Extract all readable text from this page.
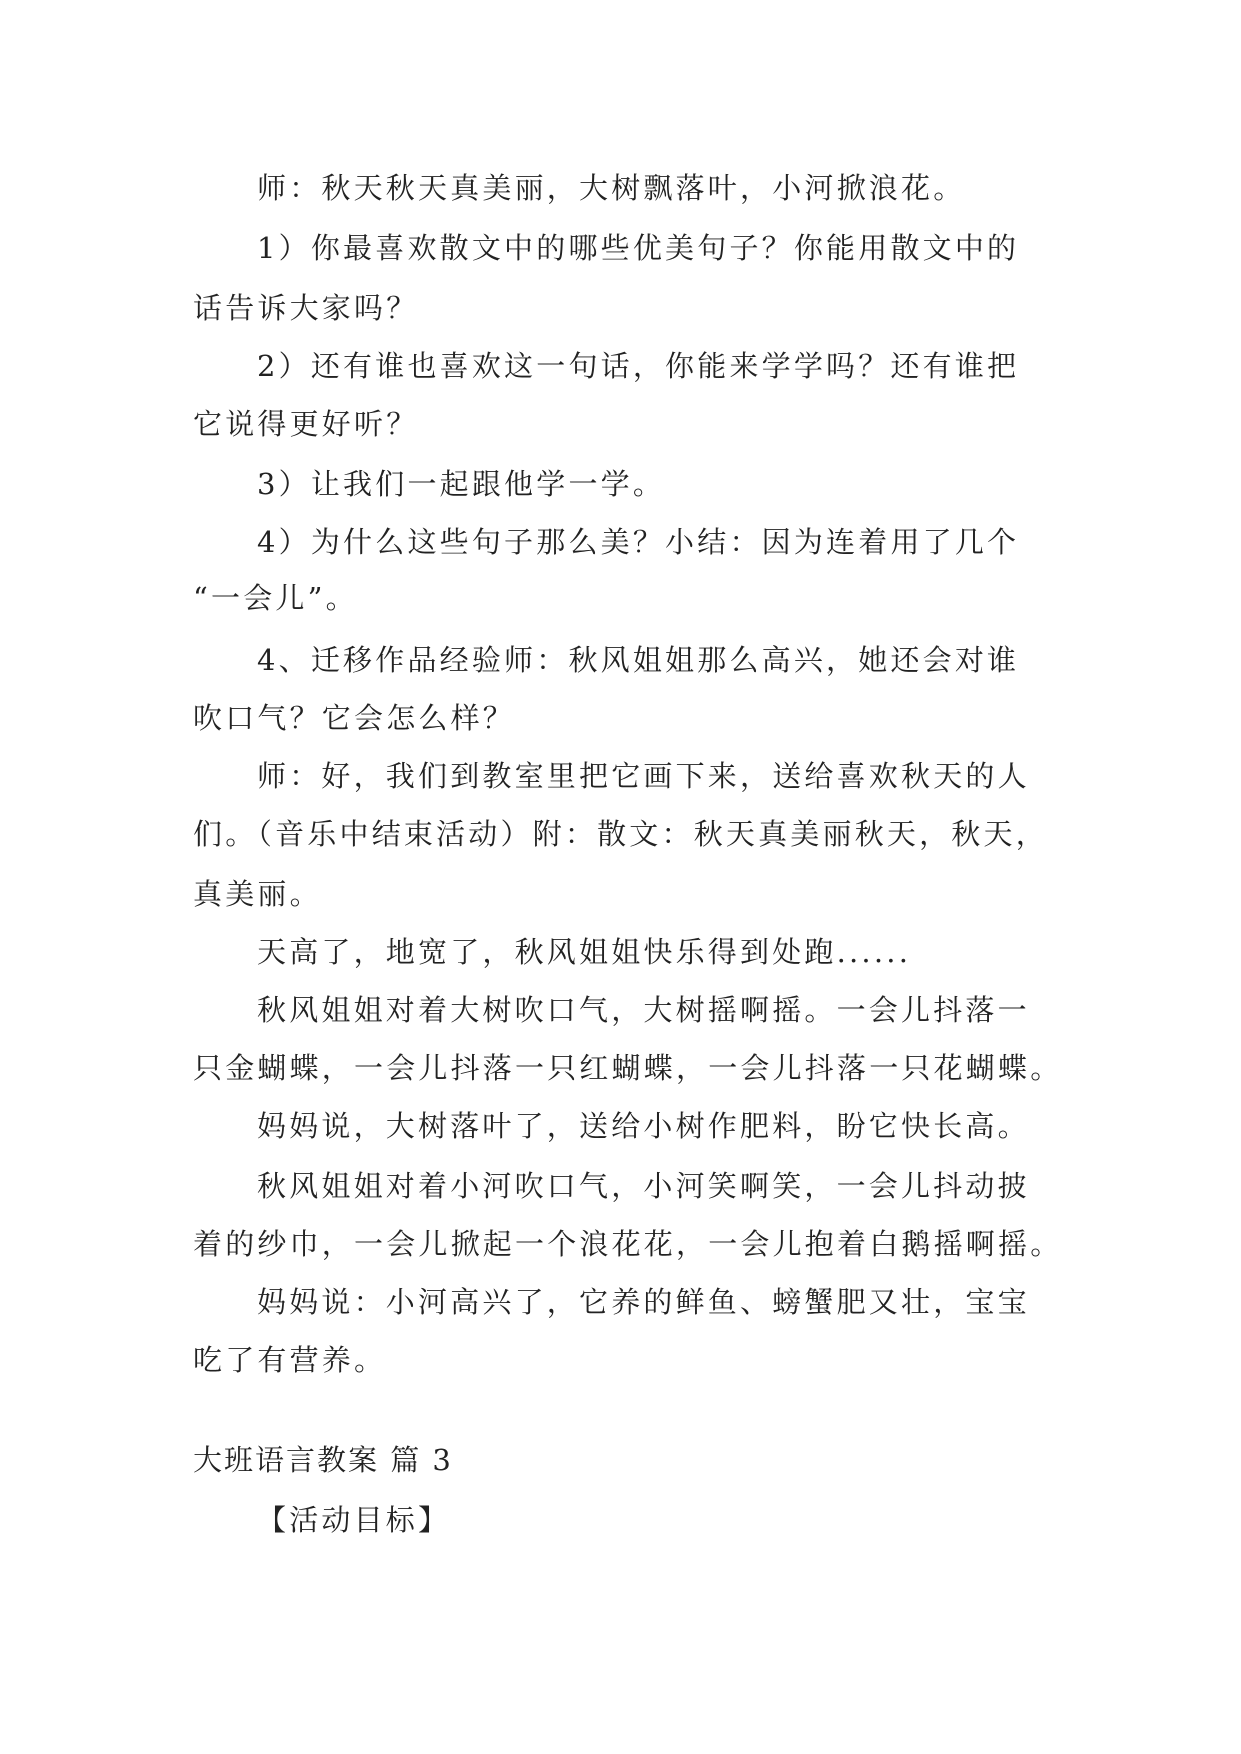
师：秋天秋天真美丽，大树飘落叶，小河掀浪花。
1）你最喜欢散文中的哪些优美句子？你能用散文中的
话告诉大家吗？
2）还有谁也喜欢这一句话，你能来学学吗？还有谁把
它说得更好听？
3）让我们一起跟他学一学。
4）为什么这些句子那么美？小结：因为连着用了几个
“一会儿”。
4、迁移作品经验师：秋风姐姐那么高兴，她还会对谁
吹口气？它会怎么样？
师：好，我们到教室里把它画下来，送给喜欢秋天的人
们。（音乐中结束活动）附：散文：秋天真美丽秋天，秋天，
真美丽。
天高了，地宽了，秋风姐姐快乐得到处跑......
秋风姐姐对着大树吹口气，大树摇啊摇。一会儿抖落一
只金蝴蝶，一会儿抖落一只红蝴蝶，一会儿抖落一只花蝴蝶。
妈妈说，大树落叶了，送给小树作肥料，盼它快长高。
秋风姐姐对着小河吹口气，小河笑啊笑，一会儿抖动披
着的纱巾，一会儿掀起一个浪花花，一会儿抱着白鹅摇啊摇。
妈妈说：小河高兴了，它养的鲜鱼、螃蟹肥又壮，宝宝
吃了有营养。
大班语言教案 篇 3
【活动目标】
